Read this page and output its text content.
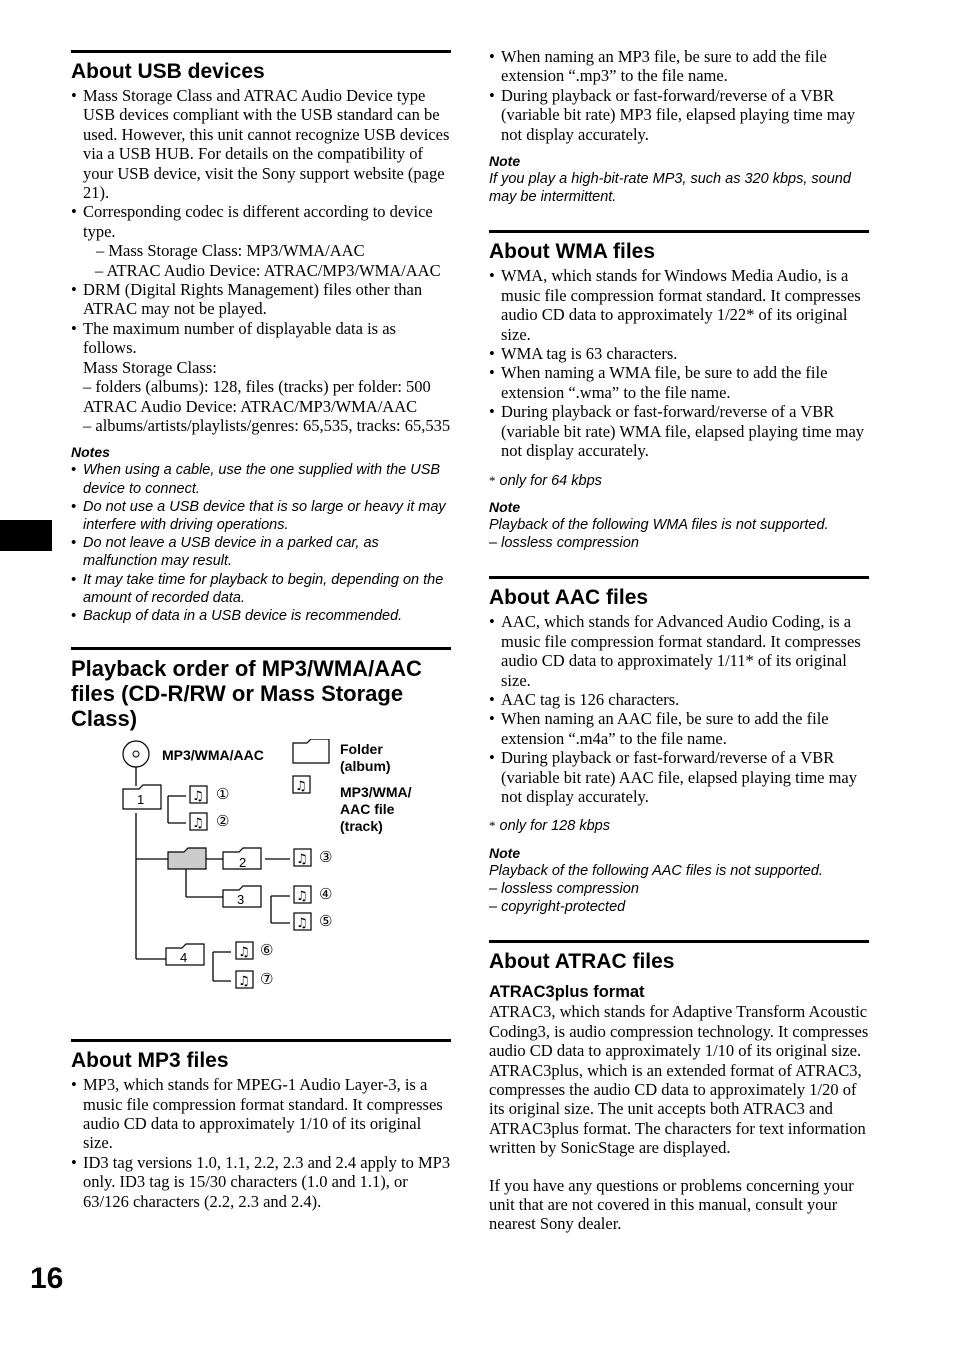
16
About USB devices
• Mass Storage Class and ATRAC Audio Device type USB devices compliant with the USB standard can be used. However, this unit cannot recognize USB devices via a USB HUB. For details on the compatibility of your USB device, visit the Sony support website (page 21).
• Corresponding codec is different according to device type.
– Mass Storage Class: MP3/WMA/AAC
– ATRAC Audio Device: ATRAC/MP3/WMA/AAC
• DRM (Digital Rights Management) files other than ATRAC may not be played.
• The maximum number of displayable data is as follows.
Mass Storage Class:
– folders (albums): 128, files (tracks) per folder: 500
ATRAC Audio Device: ATRAC/MP3/WMA/AAC
– albums/artists/playlists/genres: 65,535, tracks: 65,535
Notes
• When using a cable, use the one supplied with the USB device to connect.
• Do not use a USB device that is so large or heavy it may interfere with driving operations.
• Do not leave a USB device in a parked car, as malfunction may result.
• It may take time for playback to begin, depending on the amount of recorded data.
• Backup of data in a USB device is recommended.
Playback order of MP3/WMA/AAC files (CD-R/RW or Mass Storage Class)
♫
♫
♫
♫
♫
♫
♫
♫
MP3/WMA/AAC	Folder (album)
MP3/WMA/ AAC file (track)
1
2
3
4
①
②
③
④
⑤
⑥
⑦
About MP3 files
• MP3, which stands for MPEG-1 Audio Layer-3, is a music file compression format standard. It compresses audio CD data to approximately 1/10 of its original size.
• ID3 tag versions 1.0, 1.1, 2.2, 2.3 and 2.4 apply to MP3 only. ID3 tag is 15/30 characters (1.0 and 1.1), or 63/126 characters (2.2, 2.3 and 2.4).
• When naming an MP3 file, be sure to add the file extension “.mp3” to the file name.
• During playback or fast-forward/reverse of a VBR (variable bit rate) MP3 file, elapsed playing time may not display accurately.
Note
If you play a high-bit-rate MP3, such as 320 kbps, sound may be intermittent.
About WMA files
• WMA, which stands for Windows Media Audio, is a music file compression format standard. It compresses audio CD data to approximately 1/22* of its original size.
• WMA tag is 63 characters.
• When naming a WMA file, be sure to add the file extension “.wma” to the file name.
• During playback or fast-forward/reverse of a VBR (variable bit rate) WMA file, elapsed playing time may not display accurately.
* only for 64 kbps
Note
Playback of the following WMA files is not supported.
– lossless compression
About AAC files
• AAC, which stands for Advanced Audio Coding, is a music file compression format standard. It compresses audio CD data to approximately 1/11* of its original size.
• AAC tag is 126 characters.
• When naming an AAC file, be sure to add the file extension “.m4a” to the file name.
• During playback or fast-forward/reverse of a VBR (variable bit rate) AAC file, elapsed playing time may not display accurately.
* only for 128 kbps
Note
Playback of the following AAC files is not supported.
– lossless compression
– copyright-protected
About ATRAC files
ATRAC3plus format
ATRAC3, which stands for Adaptive Transform Acoustic Coding3, is audio compression technology. It compresses audio CD data to approximately 1/10 of its original size. ATRAC3plus, which is an extended format of ATRAC3, compresses the audio CD data to approximately 1/20 of its original size. The unit accepts both ATRAC3 and ATRAC3plus format. The characters for text information written by SonicStage are displayed.
If you have any questions or problems concerning your unit that are not covered in this manual, consult your nearest Sony dealer.
